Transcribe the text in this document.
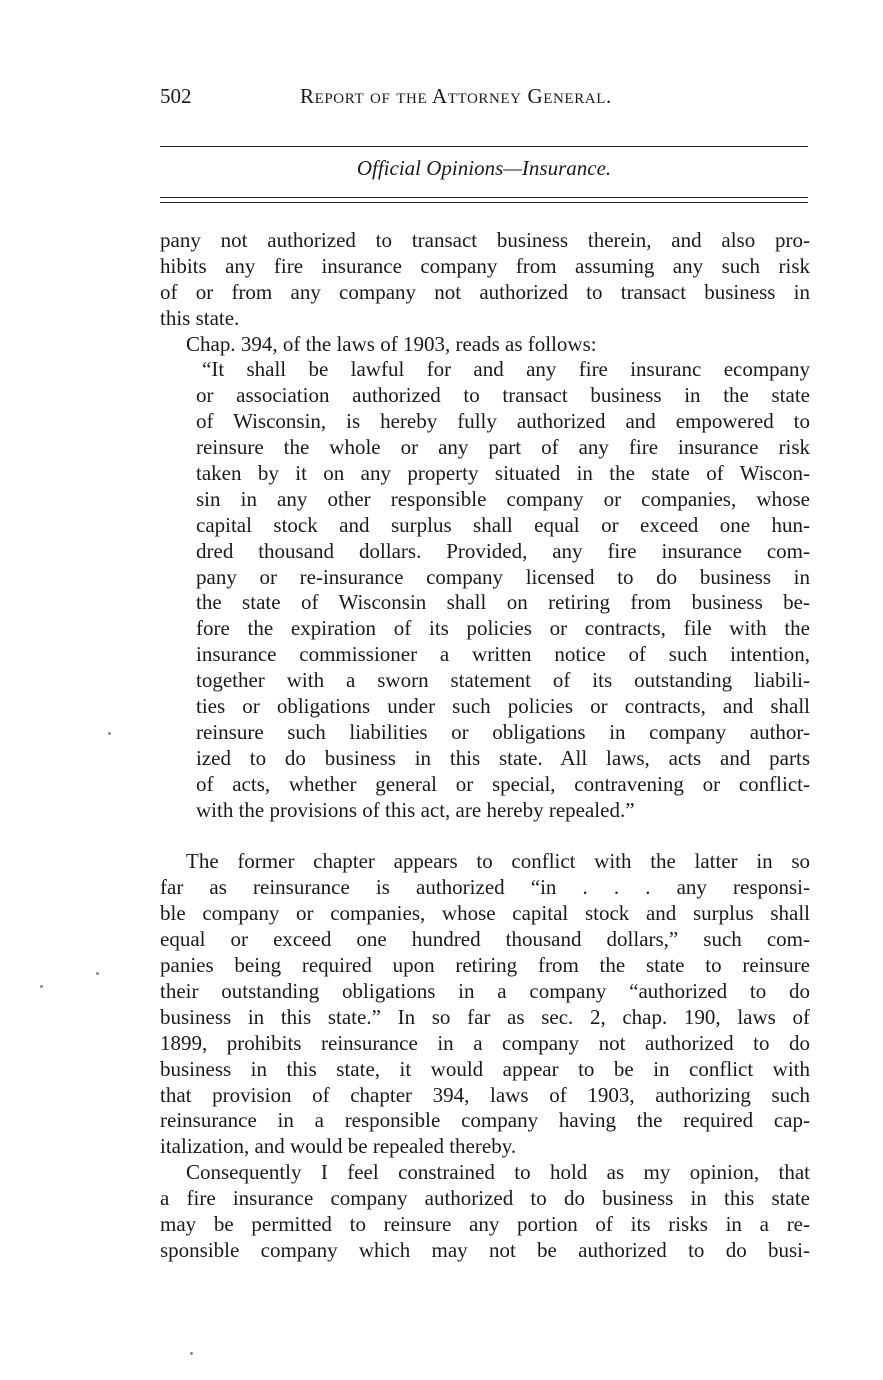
502	Report of the Attorney General.
Official Opinions—Insurance.
pany not authorized to transact business therein, and also pro-
hibits any fire insurance company from assuming any such risk
of or from any company not authorized to transact business in
this state.
Chap. 394, of the laws of 1903, reads as follows:
“It shall be lawful for and any fire insuranc ecompany
or association authorized to transact business in the state
of Wisconsin, is hereby fully authorized and empowered to
reinsure the whole or any part of any fire insurance risk
taken by it on any property situated in the state of Wiscon-
sin in any other responsible company or companies, whose
capital stock and surplus shall equal or exceed one hun-
dred thousand dollars. Provided, any fire insurance com-
pany or re-insurance company licensed to do business in
the state of Wisconsin shall on retiring from business be-
fore the expiration of its policies or contracts, file with the
insurance commissioner a written notice of such intention,
together with a sworn statement of its outstanding liabili-
ties or obligations under such policies or contracts, and shall
reinsure such liabilities or obligations in company author-
ized to do business in this state. All laws, acts and parts
of acts, whether general or special, contravening or conflict-
with the provisions of this act, are hereby repealed.”
The former chapter appears to conflict with the latter in so
far as reinsurance is authorized “in . . . any responsi-
ble company or companies, whose capital stock and surplus shall
equal or exceed one hundred thousand dollars,” such com-
panies being required upon retiring from the state to reinsure
their outstanding obligations in a company “authorized to do
business in this state.” In so far as sec. 2, chap. 190, laws of
1899, prohibits reinsurance in a company not authorized to do
business in this state, it would appear to be in conflict with
that provision of chapter 394, laws of 1903, authorizing such
reinsurance in a responsible company having the required cap-
italization, and would be repealed thereby.
Consequently I feel constrained to hold as my opinion, that
a fire insurance company authorized to do business in this state
may be permitted to reinsure any portion of its risks in a re-
sponsible company which may not be authorized to do busi-
